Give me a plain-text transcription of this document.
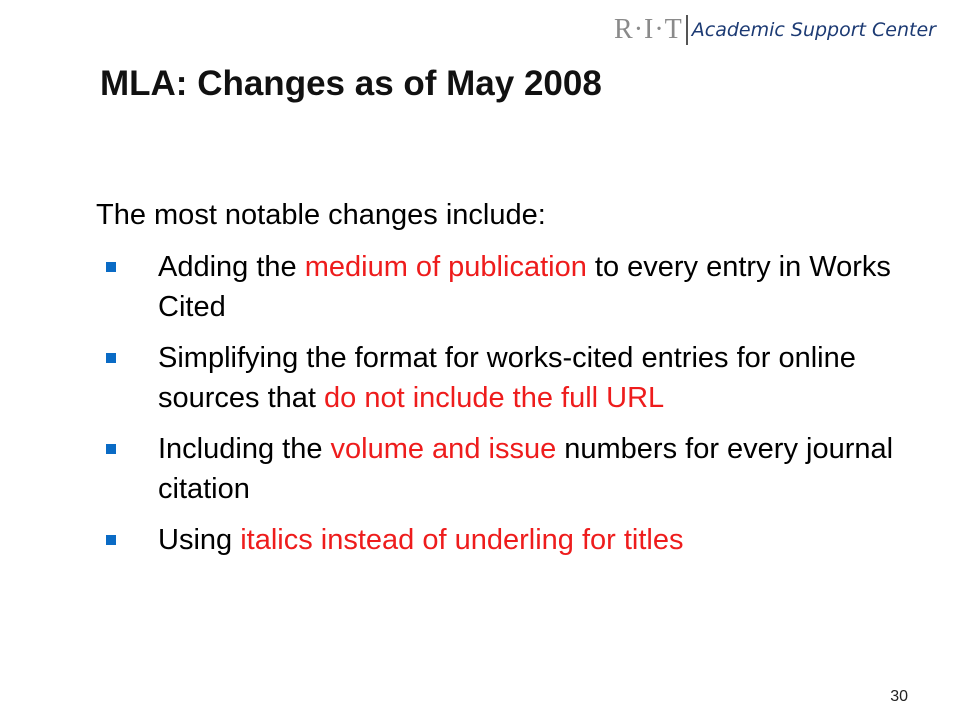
R·I·T Academic Support Center
MLA: Changes as of May 2008

The most notable changes include:

Adding the medium of publication to every entry in Works Cited
Simplifying the format for works-cited entries for online sources that do not include the full URL
Including the volume and issue numbers for every journal citation
Using italics instead of underling for titles
30
